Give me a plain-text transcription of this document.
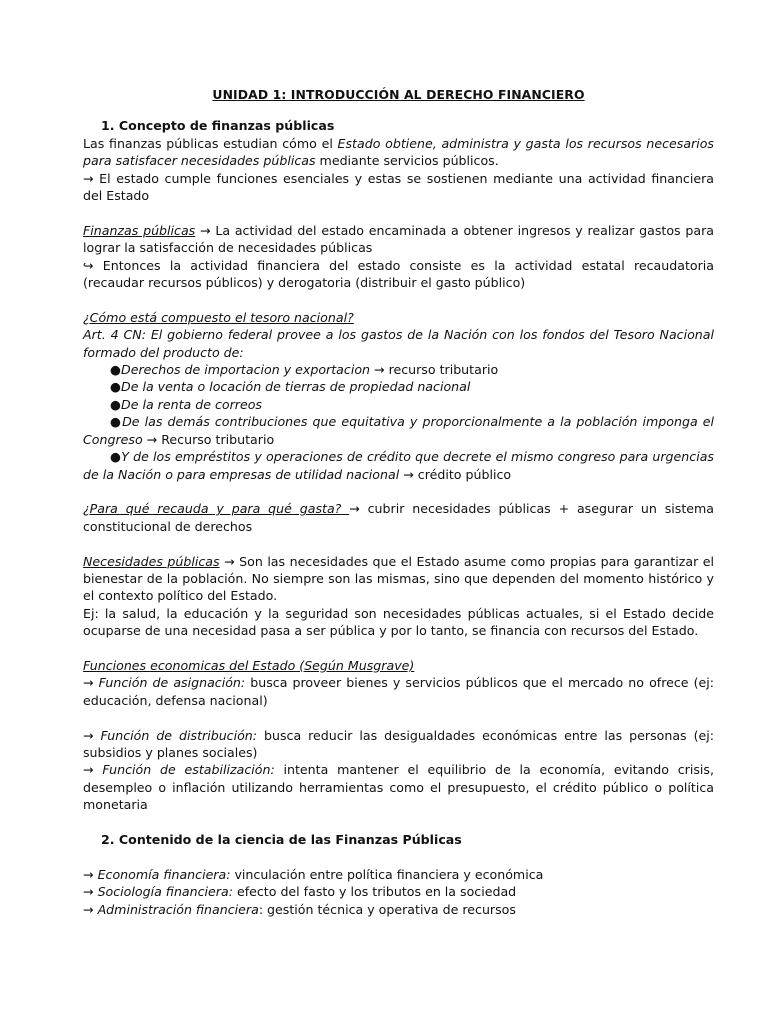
UNIDAD 1: INTRODUCCIÓN AL DERECHO FINANCIERO

1. Concepto de finanzas públicas

Las finanzas públicas estudian cómo el Estado obtiene, administra y gasta los recursos necesarios para satisfacer necesidades públicas mediante servicios públicos.

→ El estado cumple funciones esenciales y estas se sostienen mediante una actividad financiera del Estado

Finanzas públicas → La actividad del estado encaminada a obtener ingresos y realizar gastos para lograr la satisfacción de necesidades públicas

↪ Entonces la actividad financiera del estado consiste es la actividad estatal recaudatoria (recaudar recursos públicos) y derogatoria (distribuir el gasto público)

¿Cómo está compuesto el tesoro nacional?

Art. 4 CN: El gobierno federal provee a los gastos de la Nación con los fondos del Tesoro Nacional formado del producto de:

●Derechos de importacion y exportacion → recurso tributario

●De la venta o locación de tierras de propiedad nacional

●De la renta de correos

●De las demás contribuciones que equitativa y proporcionalmente a la población imponga el Congreso → Recurso tributario

●Y de los empréstitos y operaciones de crédito que decrete el mismo congreso para urgencias de la Nación o para empresas de utilidad nacional → crédito público

¿Para qué recauda y para qué gasta? → cubrir necesidades públicas + asegurar un sistema constitucional de derechos

Necesidades públicas → Son las necesidades que el Estado asume como propias para garantizar el bienestar de la población. No siempre son las mismas, sino que dependen del momento histórico y el contexto político del Estado.

Ej: la salud, la educación y la seguridad son necesidades públicas actuales, si el Estado decide ocuparse de una necesidad pasa a ser pública y por lo tanto, se financia con recursos del Estado.

Funciones economicas del Estado (Según Musgrave)

→ Función de asignación: busca proveer bienes y servicios públicos que el mercado no ofrece (ej: educación, defensa nacional)

→ Función de distribución: busca reducir las desigualdades económicas entre las personas (ej: subsidios y planes sociales)

→ Función de estabilización: intenta mantener el equilibrio de la economía, evitando crisis, desempleo o inflación utilizando herramientas como el presupuesto, el crédito público o política monetaria

2. Contenido de la ciencia de las Finanzas Públicas

→ Economía financiera: vinculación entre política financiera y económica

→ Sociología financiera: efecto del fasto y los tributos en la sociedad

→ Administración financiera: gestión técnica y operativa de recursos
